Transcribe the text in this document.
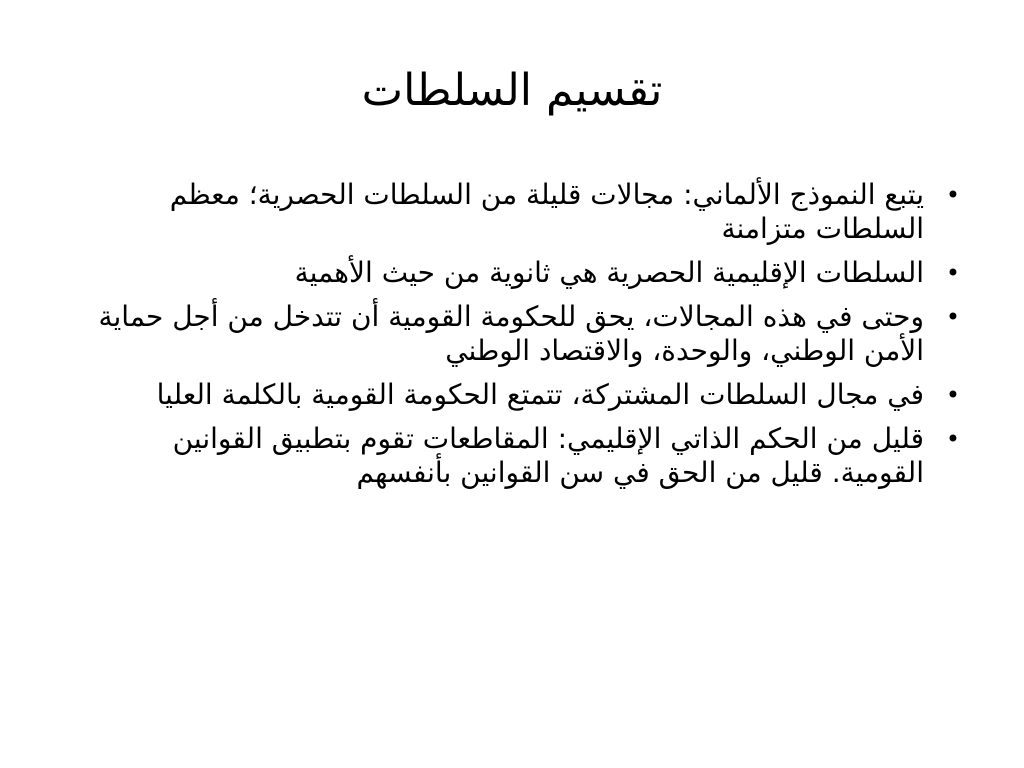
تقسيم السلطات
•
يتبع النموذج الألماني: مجالات قليلة من السلطات الحصرية؛ معظم السلطات متزامنة
•
السلطات الإقليمية الحصرية هي ثانوية من حيث الأهمية
•
وحتى في هذه المجالات، يحق للحكومة القومية أن تتدخل من أجل حماية الأمن الوطني، والوحدة، والاقتصاد الوطني
•
في مجال السلطات المشتركة، تتمتع الحكومة القومية بالكلمة العليا
•
قليل من الحكم الذاتي الإقليمي: المقاطعات تقوم بتطبيق القوانين القومية. قليل من الحق في سن القوانين بأنفسهم
